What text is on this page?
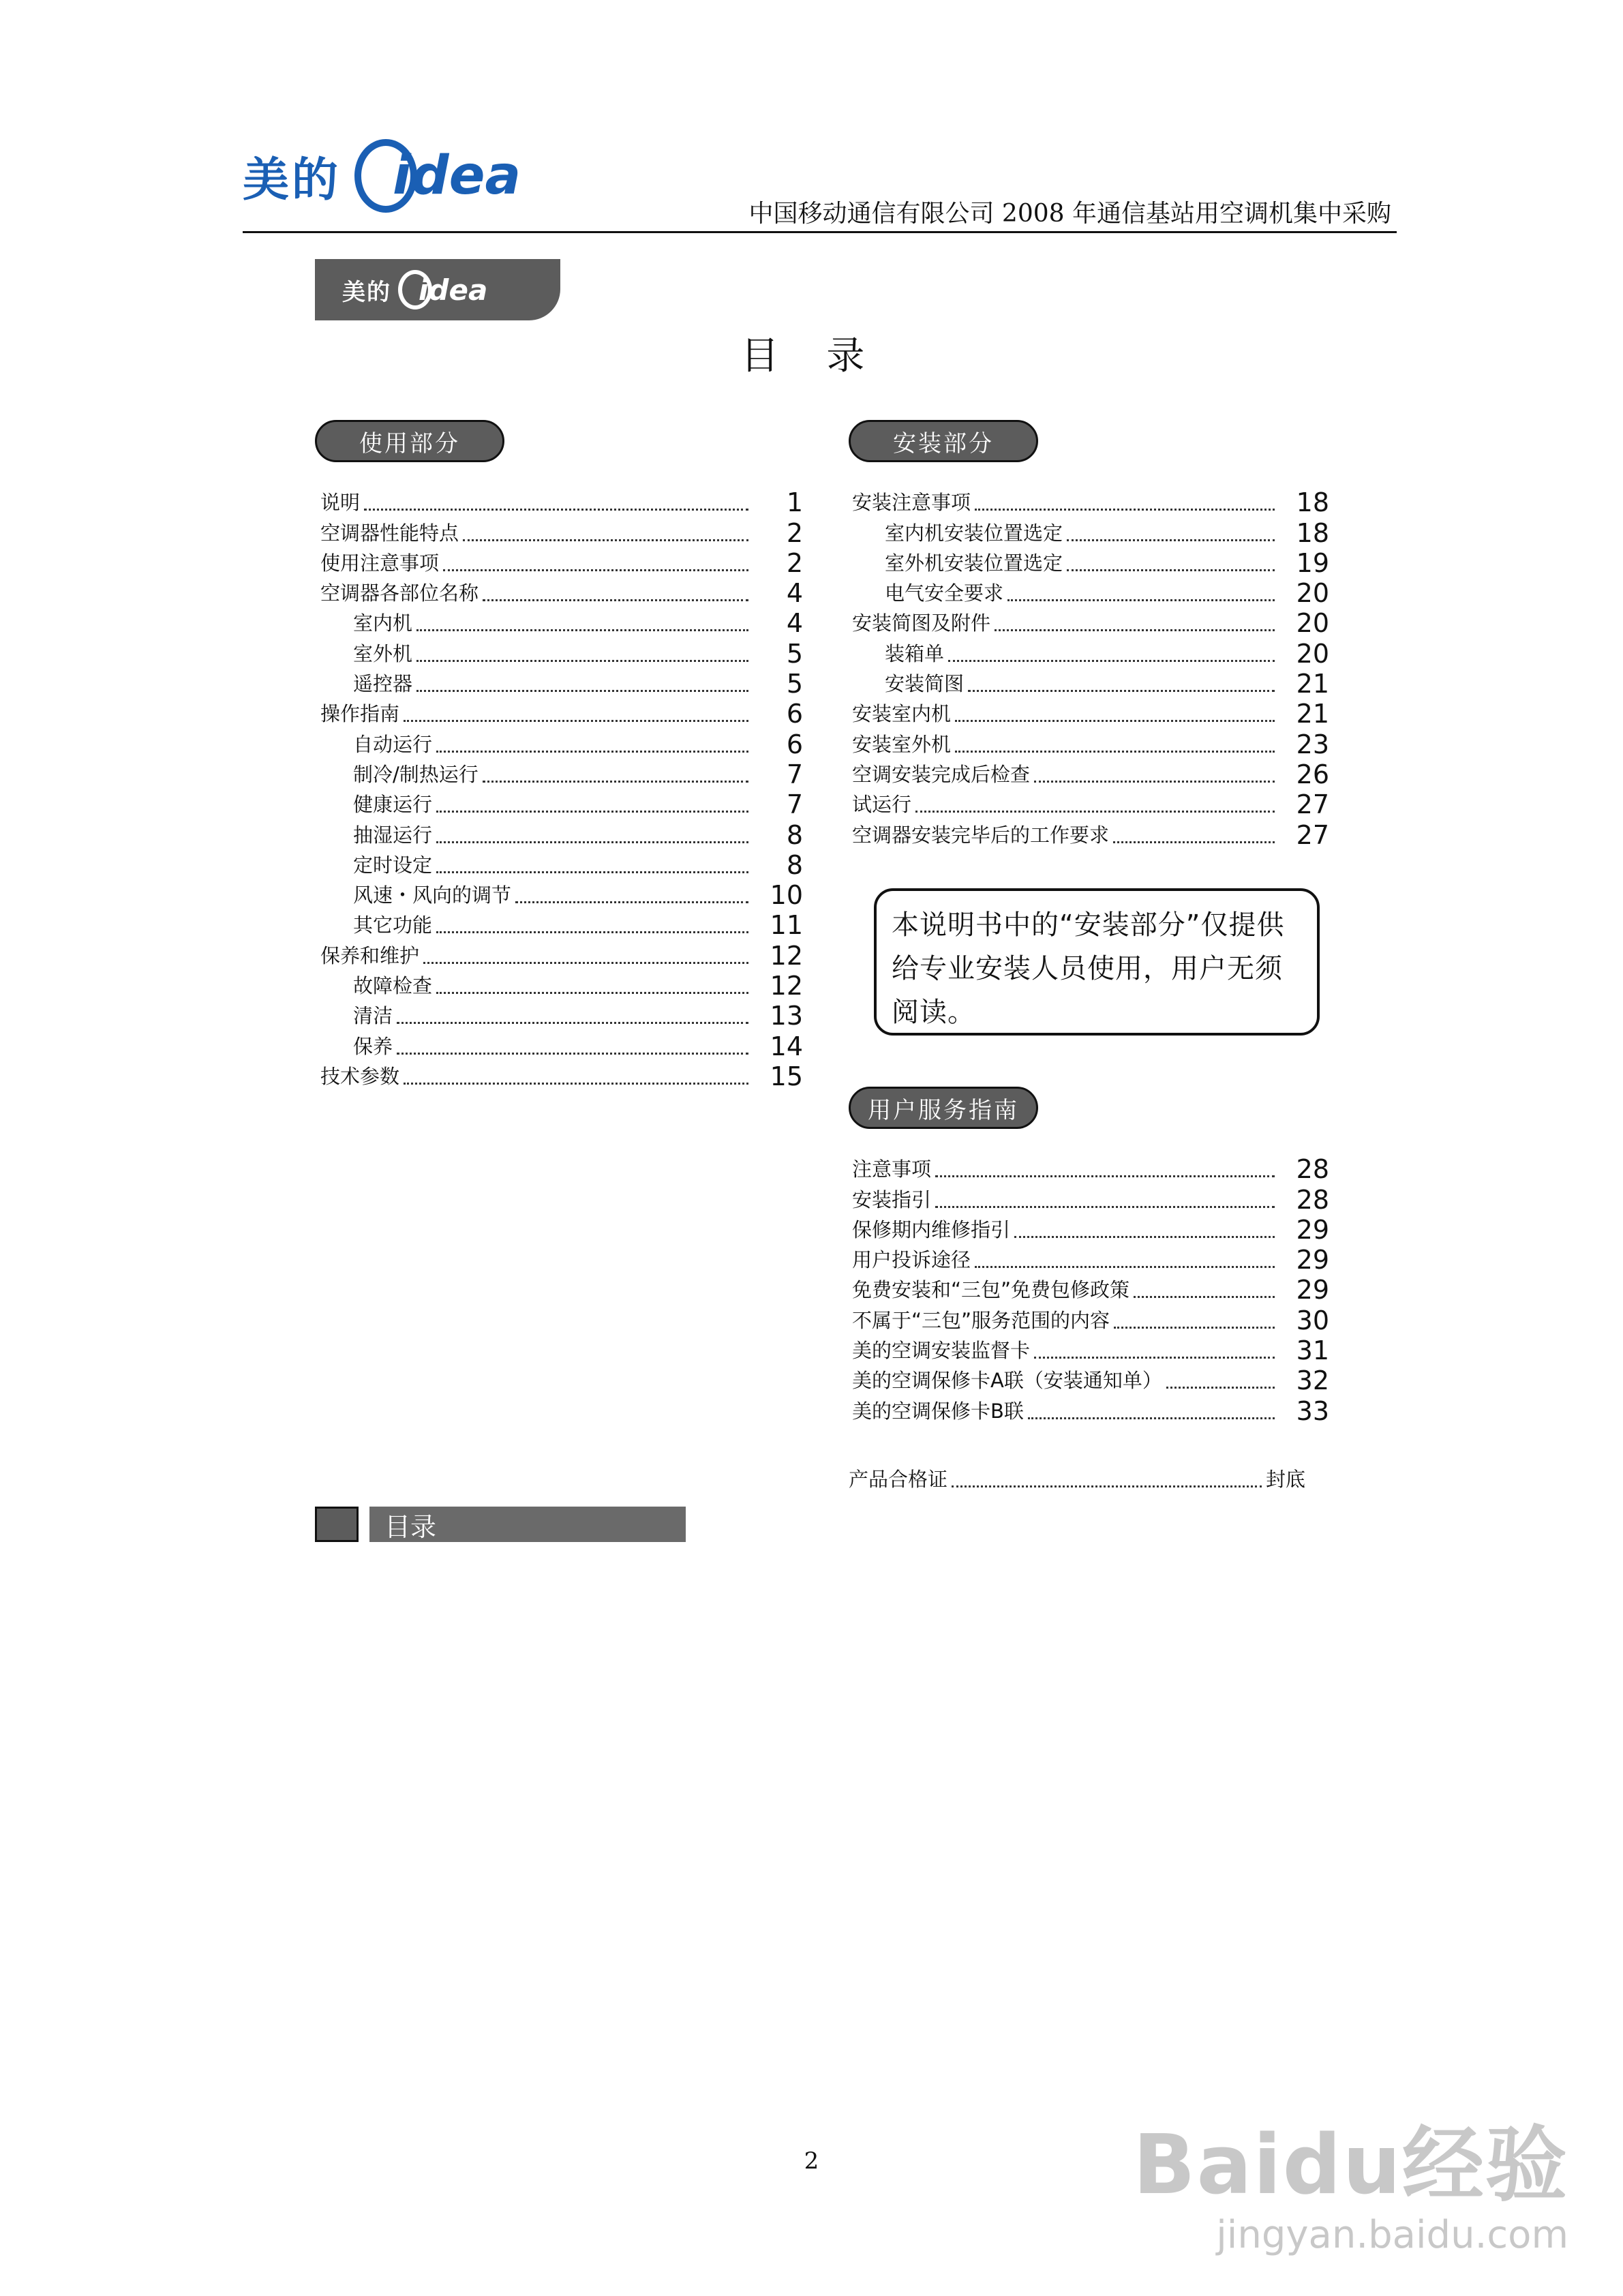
美的 idea
中国移动通信有限公司 2008 年通信基站用空调机集中采购
美的 idea
目 录
使用部分	安装部分
用户服务指南
说明	1
空调器性能特点	2
使用注意事项	2
空调器各部位名称	4
室内机	4
室外机	5
遥控器	5
操作指南	6
自动运行	6
制冷/制热运行	7
健康运行	7
抽湿运行	8
定时设定	8
风速・风向的调节	10
其它功能	11
保养和维护	12
故障检查	12
清洁	13
保养	14
技术参数	15
安装注意事项	18
室内机安装位置选定	18
室外机安装位置选定	19
电气安全要求	20
安装简图及附件	20
装箱单	20
安装简图	21
安装室内机	21
安装室外机	23
空调安装完成后检查	26
试运行	27
空调器安装完毕后的工作要求	27
注意事项	28
安装指引	28
保修期内维修指引	29
用户投诉途径	29
免费安装和“三包”免费包修政策	29
不属于“三包”服务范围的内容	30
美的空调安装监督卡	31
美的空调保修卡A联（安装通知单）	32
美的空调保修卡B联	33
产品合格证	封底
本说明书中的“安装部分”仅提供给专业安装人员使用，用户无须阅读。
目录
2	Baidu经验
jingyan.baidu.com
